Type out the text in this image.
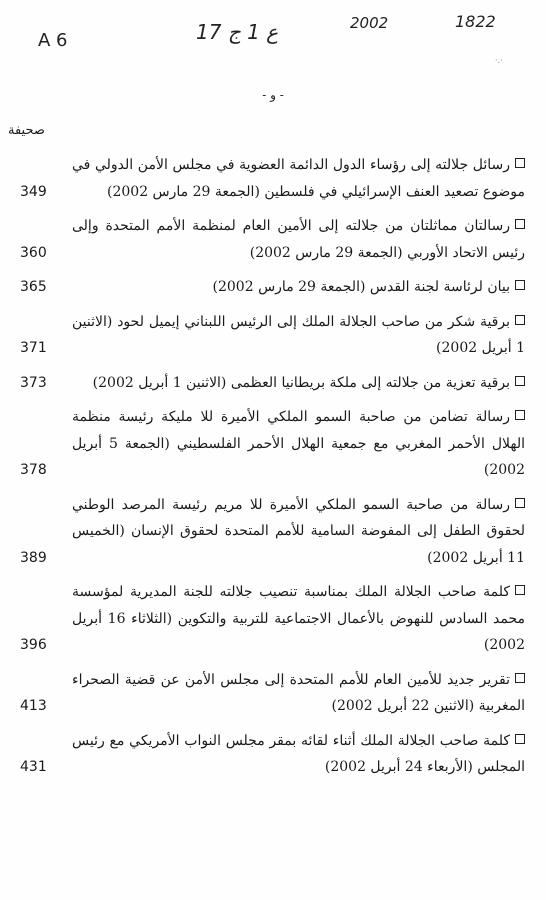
A 6	17 ع 1 ج	2002	1822
·.·
- و -
صحيفة
رسائل جلالته إلى رؤساء الدول الدائمة العضوية في مجلس الأمن الدولي في موضوع تصعيد العنف الإسرائيلي في فلسطين (الجمعة 29 مارس 2002)
349
رسالتان مماثلتان من جلالته إلى الأمين العام لمنظمة الأمم المتحدة وإلى رئيس الاتحاد الأوربي (الجمعة 29 مارس 2002)
360
بيان لرئاسة لجنة القدس (الجمعة 29 مارس 2002)
365
برقية شكر من صاحب الجلالة الملك إلى الرئيس اللبناني إيميل لحود (الاثنين 1 أبريل 2002)
371
برقية تعزية من جلالته إلى ملكة بريطانيا العظمى (الاثنين 1 أبريل 2002)
373
رسالة تضامن من صاحبة السمو الملكي الأميرة للا مليكة رئيسة منظمة الهلال الأحمر المغربي مع جمعية الهلال الأحمر الفلسطيني (الجمعة 5 أبريل 2002)
378
رسالة من صاحبة السمو الملكي الأميرة للا مريم رئيسة المرصد الوطني لحقوق الطفل إلى المفوضة السامية للأمم المتحدة لحقوق الإنسان (الخميس 11 أبريل 2002)
389
كلمة صاحب الجلالة الملك بمناسبة تنصيب جلالته للجنة المديرية لمؤسسة محمد السادس للنهوض بالأعمال الاجتماعية للتربية والتكوين (الثلاثاء 16 أبريل 2002)
396
تقرير جديد للأمين العام للأمم المتحدة إلى مجلس الأمن عن قضية الصحراء المغربية (الاثنين 22 أبريل 2002)
413
كلمة صاحب الجلالة الملك أثناء لقائه بمقر مجلس النواب الأمريكي مع رئيس المجلس (الأربعاء 24 أبريل 2002)
431
